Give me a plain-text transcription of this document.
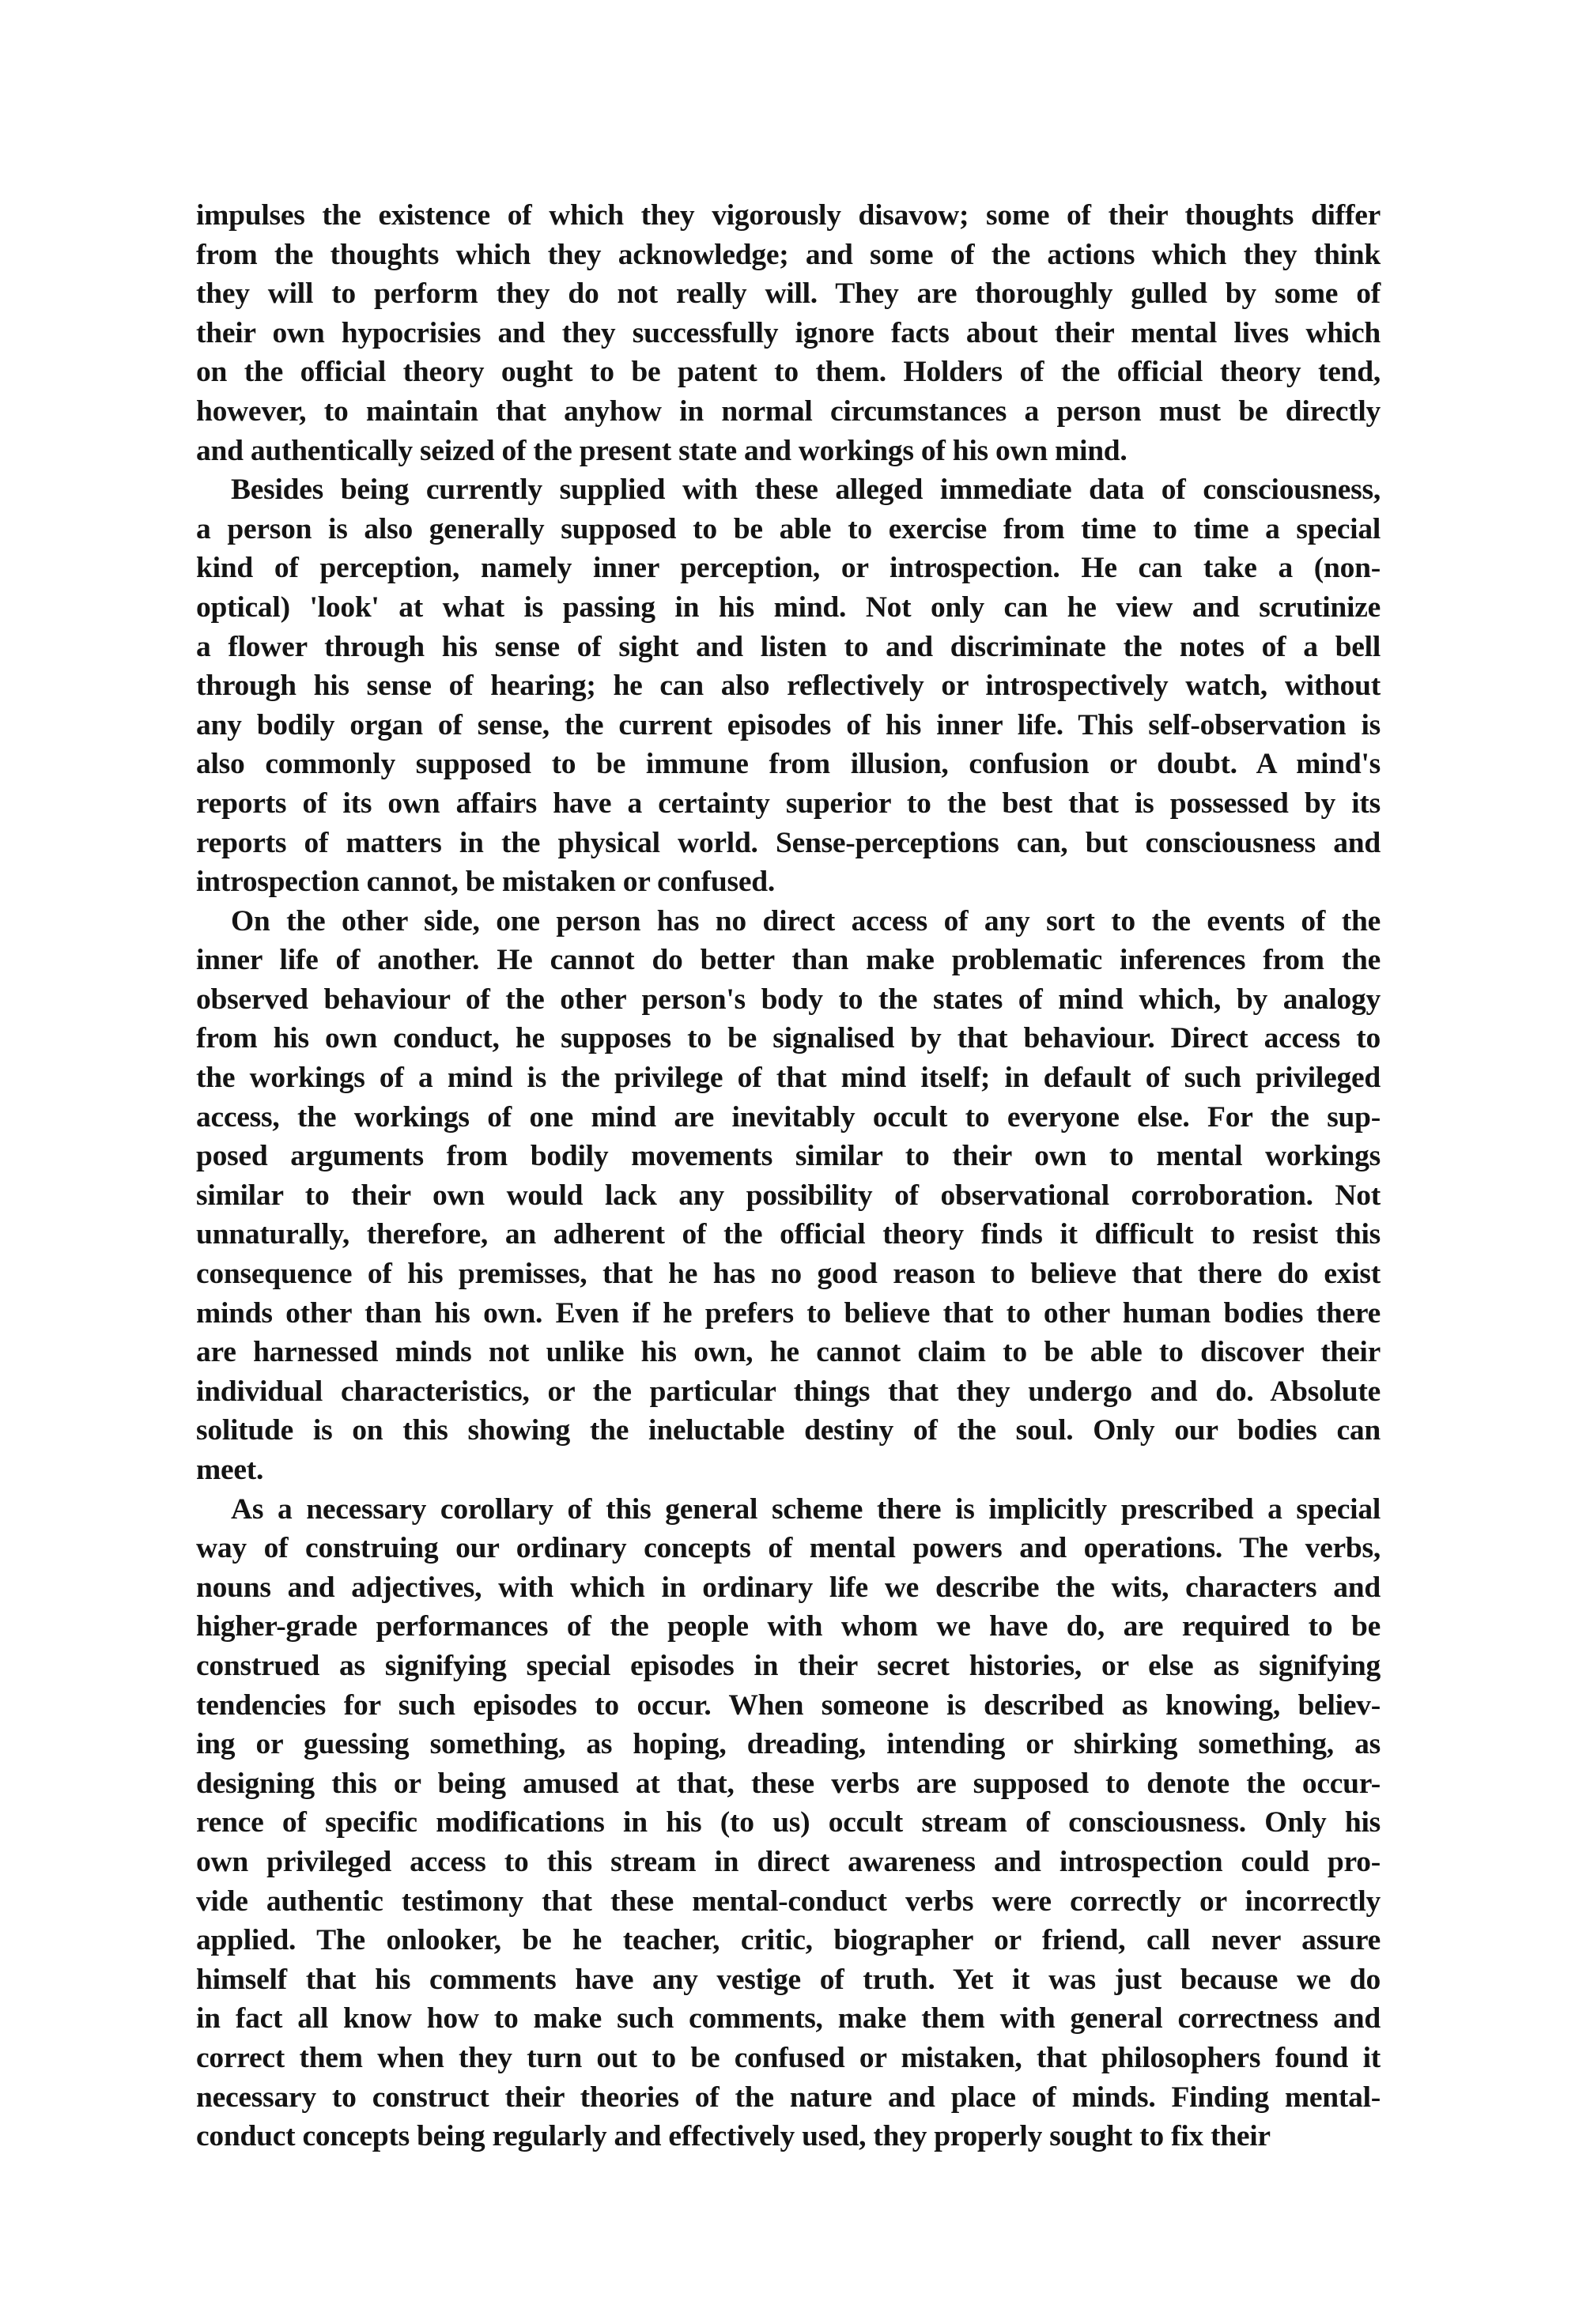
impulses the existence of which they vigorously disavow; some of their thoughts differ
from the thoughts which they acknowledge; and some of the actions which they think
they will to perform they do not really will. They are thoroughly gulled by some of
their own hypocrisies and they successfully ignore facts about their mental lives which
on the official theory ought to be patent to them. Holders of the official theory tend,
however, to maintain that anyhow in normal circumstances a person must be directly
and authentically seized of the present state and workings of his own mind.
Besides being currently supplied with these alleged immediate data of consciousness,
a person is also generally supposed to be able to exercise from time to time a special
kind of perception, namely inner perception, or introspection. He can take a (non-
optical) 'look' at what is passing in his mind. Not only can he view and scrutinize
a flower through his sense of sight and listen to and discriminate the notes of a bell
through his sense of hearing; he can also reflectively or introspectively watch, without
any bodily organ of sense, the current episodes of his inner life. This self-observation is
also commonly supposed to be immune from illusion, confusion or doubt. A mind's
reports of its own affairs have a certainty superior to the best that is possessed by its
reports of matters in the physical world. Sense-perceptions can, but consciousness and
introspection cannot, be mistaken or confused.
On the other side, one person has no direct access of any sort to the events of the
inner life of another. He cannot do better than make problematic inferences from the
observed behaviour of the other person's body to the states of mind which, by analogy
from his own conduct, he supposes to be signalised by that behaviour. Direct access to
the workings of a mind is the privilege of that mind itself; in default of such privileged
access, the workings of one mind are inevitably occult to everyone else. For the sup-
posed arguments from bodily movements similar to their own to mental workings
similar to their own would lack any possibility of observational corroboration. Not
unnaturally, therefore, an adherent of the official theory finds it difficult to resist this
consequence of his premisses, that he has no good reason to believe that there do exist
minds other than his own. Even if he prefers to believe that to other human bodies there
are harnessed minds not unlike his own, he cannot claim to be able to discover their
individual characteristics, or the particular things that they undergo and do. Absolute
solitude is on this showing the ineluctable destiny of the soul. Only our bodies can
meet.
As a necessary corollary of this general scheme there is implicitly prescribed a special
way of construing our ordinary concepts of mental powers and operations. The verbs,
nouns and adjectives, with which in ordinary life we describe the wits, characters and
higher-grade performances of the people with whom we have do, are required to be
construed as signifying special episodes in their secret histories, or else as signifying
tendencies for such episodes to occur. When someone is described as knowing, believ-
ing or guessing something, as hoping, dreading, intending or shirking something, as
designing this or being amused at that, these verbs are supposed to denote the occur-
rence of specific modifications in his (to us) occult stream of consciousness. Only his
own privileged access to this stream in direct awareness and introspection could pro-
vide authentic testimony that these mental-conduct verbs were correctly or incorrectly
applied. The onlooker, be he teacher, critic, biographer or friend, call never assure
himself that his comments have any vestige of truth. Yet it was just because we do
in fact all know how to make such comments, make them with general correctness and
correct them when they turn out to be confused or mistaken, that philosophers found it
necessary to construct their theories of the nature and place of minds. Finding mental-
conduct concepts being regularly and effectively used, they properly sought to fix their
